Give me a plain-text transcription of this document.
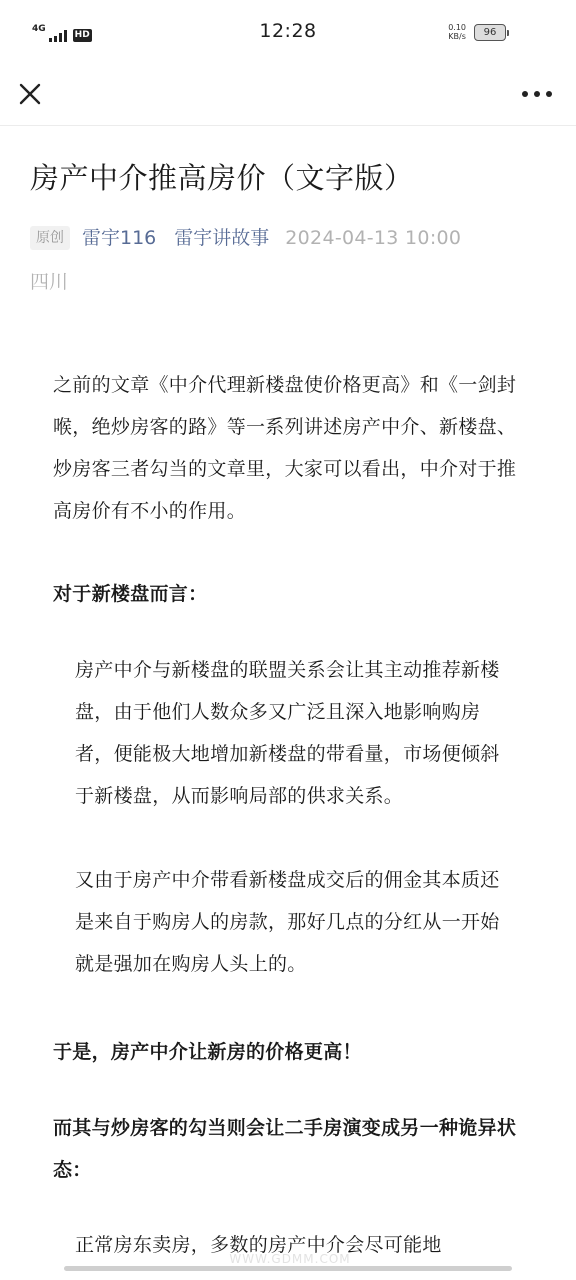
4G
HD	12:28	0.10
KB/s 96
房产中介推高房价（文字版）
原创 雷宇116 雷宇讲故事 2024-04-13 10:00
四川

之前的文章《中介代理新楼盘使价格更高》和《一剑封喉，绝炒房客的路》等一系列讲述房产中介、新楼盘、炒房客三者勾当的文章里，大家可以看出，中介对于推高房价有不小的作用。

对于新楼盘而言：

房产中介与新楼盘的联盟关系会让其主动推荐新楼盘，由于他们人数众多又广泛且深入地影响购房者，便能极大地增加新楼盘的带看量，市场便倾斜于新楼盘，从而影响局部的供求关系。

又由于房产中介带看新楼盘成交后的佣金其本质还是来自于购房人的房款，那好几点的分红从一开始就是强加在购房人头上的。

于是，房产中介让新房的价格更高！

而其与炒房客的勾当则会让二手房演变成另一种诡异状态：

正常房东卖房，多数的房产中介会尽可能地

WWW.GDMM.COM
